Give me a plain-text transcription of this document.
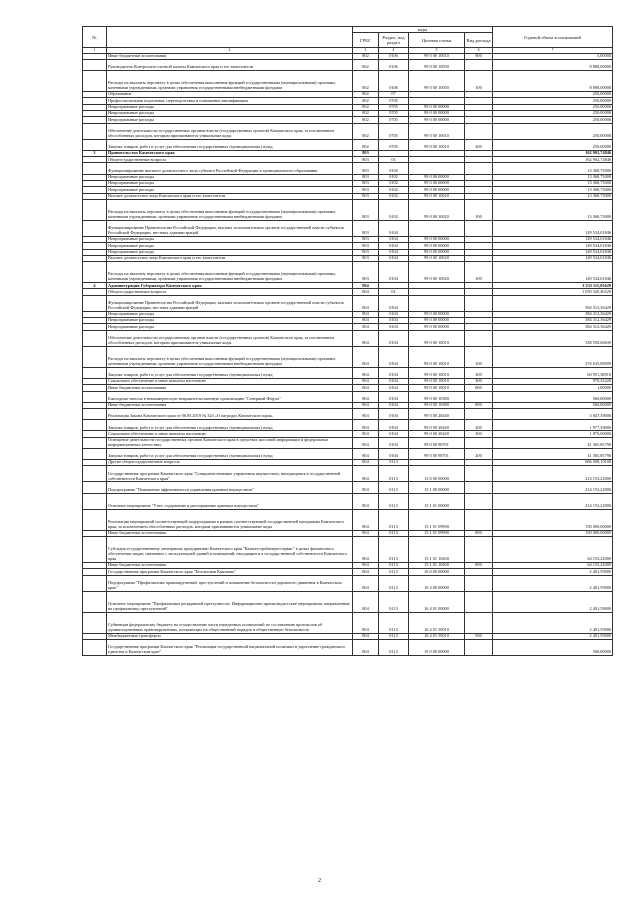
№		коды				Годовой объем ассигнований
		ГРБС	Раздел, под раздел	Целевая статья	Вид расхода	
1	2	3	4	5	6	7
	Иные бюджетные ассигнования	802	0106	99 0 00 10010	800	5,00000
	Руководитель Контрольно-счетной палаты Камчатского края и его заместители	802	0106	99 0 00 10050		8 888,00000
	Расходы на выплаты персоналу в целях обеспечения выполнения функций государственными (муниципальными) органами, казенными учреждениями, органами управления государственными внебюджетными фондами	802	0106	99 0 00 10050	100	8 888,00000
	Образование	802	07			250,00000
	Профессиональная подготовка, переподготовка и повышение квалификации	802	0705			250,00000
	Непрограммные расходы	802	0705	99 0 00 00000		250,00000
	Непрограммные расходы	802	0705	99 0 00 00000		250,00000
	Непрограммные расходы	802	0705	99 0 00 00000		250,00000
	Обеспечение деятельности государственных органов власти (государственных органов) Камчатского края, за исключением обособленных расходов, которым присваиваются уникальные коды	802	0705	99 0 00 10010		250,00000
	Закупка товаров, работ и услуг для обеспечения государственных (муниципальных) нужд	802	0705	99 0 00 10010	200	250,00000
3	Правительство Камчатского края	803				162 902,74846
	Общегосударственные вопросы	803	01			162 902,74846
	Функционирование высшего должностного лица субъекта Российской Федерации и муниципального образования	803	0102			13 368,73000
	Непрограммные расходы	803	0102	99 0 00 00000		13 368,73000
	Непрограммные расходы	803	0102	99 0 00 00000		13 368,73000
	Непрограммные расходы	803	0102	99 0 00 00000		13 368,73000
	Высшее должностное лицо Камчатского края и его заместители	803	0102	99 0 00 10020		13 368,73000
	Расходы на выплаты персоналу в целях обеспечения выполнения функций государственными (муниципальными) органами, казенными учреждениями, органами управления государственными внебюджетными фондами	803	0102	99 0 00 10020	100	13 368,73000
	Функционирование Правительства Российской Федерации, высших исполнительных органов государственной власти субъектов Российской Федерации, местных администраций	803	0104			149 534,01846
	Непрограммные расходы	803	0104	99 0 00 00000		149 534,01846
	Непрограммные расходы	803	0104	99 0 00 00000		149 534,01846
	Непрограммные расходы	803	0104	99 0 00 00000		149 534,01846
	Высшее должностное лицо Камчатского края и его заместители	803	0104	99 0 00 10020		149 534,01846
	Расходы на выплаты персоналу в целях обеспечения выполнения функций государственными (муниципальными) органами, казенными учреждениями, органами управления государственными внебюджетными фондами	803	0104	99 0 00 10020	100	149 534,01846
4	Администрация Губернатора Камчатского края	804				1 233 115,05629
	Общегосударственные вопросы	804	01			1 050 320,46529
	Функционирование Правительства Российской Федерации, высших исполнительных органов государственной власти субъектов Российской Федерации, местных администраций	804	0104			384 312,36429
	Непрограммные расходы	804	0104	99 0 00 00000		384 312,36429
	Непрограммные расходы	804	0104	99 0 00 00000		384 312,36429
	Непрограммные расходы	804	0104	99 0 00 00000		384 312,36429
	Обеспечение деятельности государственных органов власти (государственных органов) Камчатского края, за исключением обособленных расходов, которым присваиваются уникальные коды	804	0104	99 0 00 10010		338 558,60639
	Расходы на выплаты персоналу в целях обеспечения выполнения функций государственными (муниципальными) органами, казенными учреждениями, органами управления государственными внебюджетными фондами	804	0104	99 0 00 10010	100	276 635,88509
	Закупка товаров, работ и услуг для обеспечения государственных (муниципальных) нужд	804	0104	99 0 00 10010	200	60 951,38910
	Социальное обеспечение и иные выплаты населению	804	0104	99 0 00 10010	300	970,33220
	Иные бюджетные ассигнования	804	0104	99 0 00 10010	800	1,00000
	Ежегодные взносы в некоммерческую неправительственную организацию "Северный Форум"	804	0104	99 0 00 10380		560,60000
	Иные бюджетные ассигнования	804	0104	99 0 00 10380	800	560,60000
	Реализация Закона Камчатского края от 06.05.2019 № 323 «О наградах Камчатского края»	804	0104	99 0 00 20440		3 847,39000
	Закупка товаров, работ и услуг для обеспечения государственных (муниципальных) нужд	804	0104	99 0 00 20440	200	1 977,39000
	Социальное обеспечение и иные выплаты населению	804	0104	99 0 00 20440	300	1 870,00000
	Освещение деятельности государственных органов Камчатского края в средствах массовой информации и федеральных информационных агентствах	804	0104	99 0 00 98701		41 365,85790
	Закупка товаров, работ и услуг для обеспечения государственных (муниципальных) нужд	804	0104	99 0 00 98701	200	41 365,85790
	Другие общегосударственные вопросы	804	0113			666 008,10100
	Государственная программа Камчатского края "Совершенствование управления имуществом, находящимся в государственной собственности Камчатского края"	804	0113	13 0 00 00000		214 153,22000
	Подпрограмма "Повышение эффективности управления краевым имуществом"	804	0113	13 1 00 00000		214 153,22000
	Основное мероприятие "Учет, содержание и распоряжение краевым имуществом"	804	0113	13 1 01 00000		214 153,22000
	Реализация мероприятий соответствующей подпрограммы в рамках соответствующей государственной программы Камчатского края, за исключением обособленных расходов, которым присваиваются уникальные коды	804	0113	13 1 01 09990		150 000,00000
	Иные бюджетные ассигнования	804	0113	13 1 01 09990	800	150 000,00000
	Субсидия государственному унитарному предприятию Камчатского края "Камчатстройэнергосервис" в целях финансового обеспечения затрат, связанных с эксплуатацией зданий и помещений, находящихся в государственной собственности Камчатского края	804	0113	13 1 01 10400		64 153,22000
	Иные бюджетные ассигнования	804	0113	13 1 01 10400	800	64 153,22000
	Государственная программа Камчатского края "Безопасная Камчатка"	804	0113	16 0 00 00000		2 401,59000
	Подпрограмма "Профилактика правонарушений, преступлений и повышение безопасности дорожного движения в Камчатском крае"	804	0113	16 4 00 00000		2 401,59000
	Основное мероприятие "Профилактика рецидивной преступности. Информационно-пропагандистские мероприятия, направленные на профилактику преступлений"	804	0113	16 4 01 00000		2 401,59000
	Субвенции федеральному бюджету на осуществление части переданных полномочий по составлению протоколов об административных правонарушениях, посягающих на общественный порядок и общественную безопасность	804	0113	16 4 01 59010		2 401,59000
	Межбюджетные трансферты	804	0113	16 4 01 59010	500	2 401,59000
	Государственная программа Камчатского края "Реализация государственной национальной политики и укрепление гражданского единства в Камчатском крае"	804	0113	19 0 00 00000		500,00000
2
